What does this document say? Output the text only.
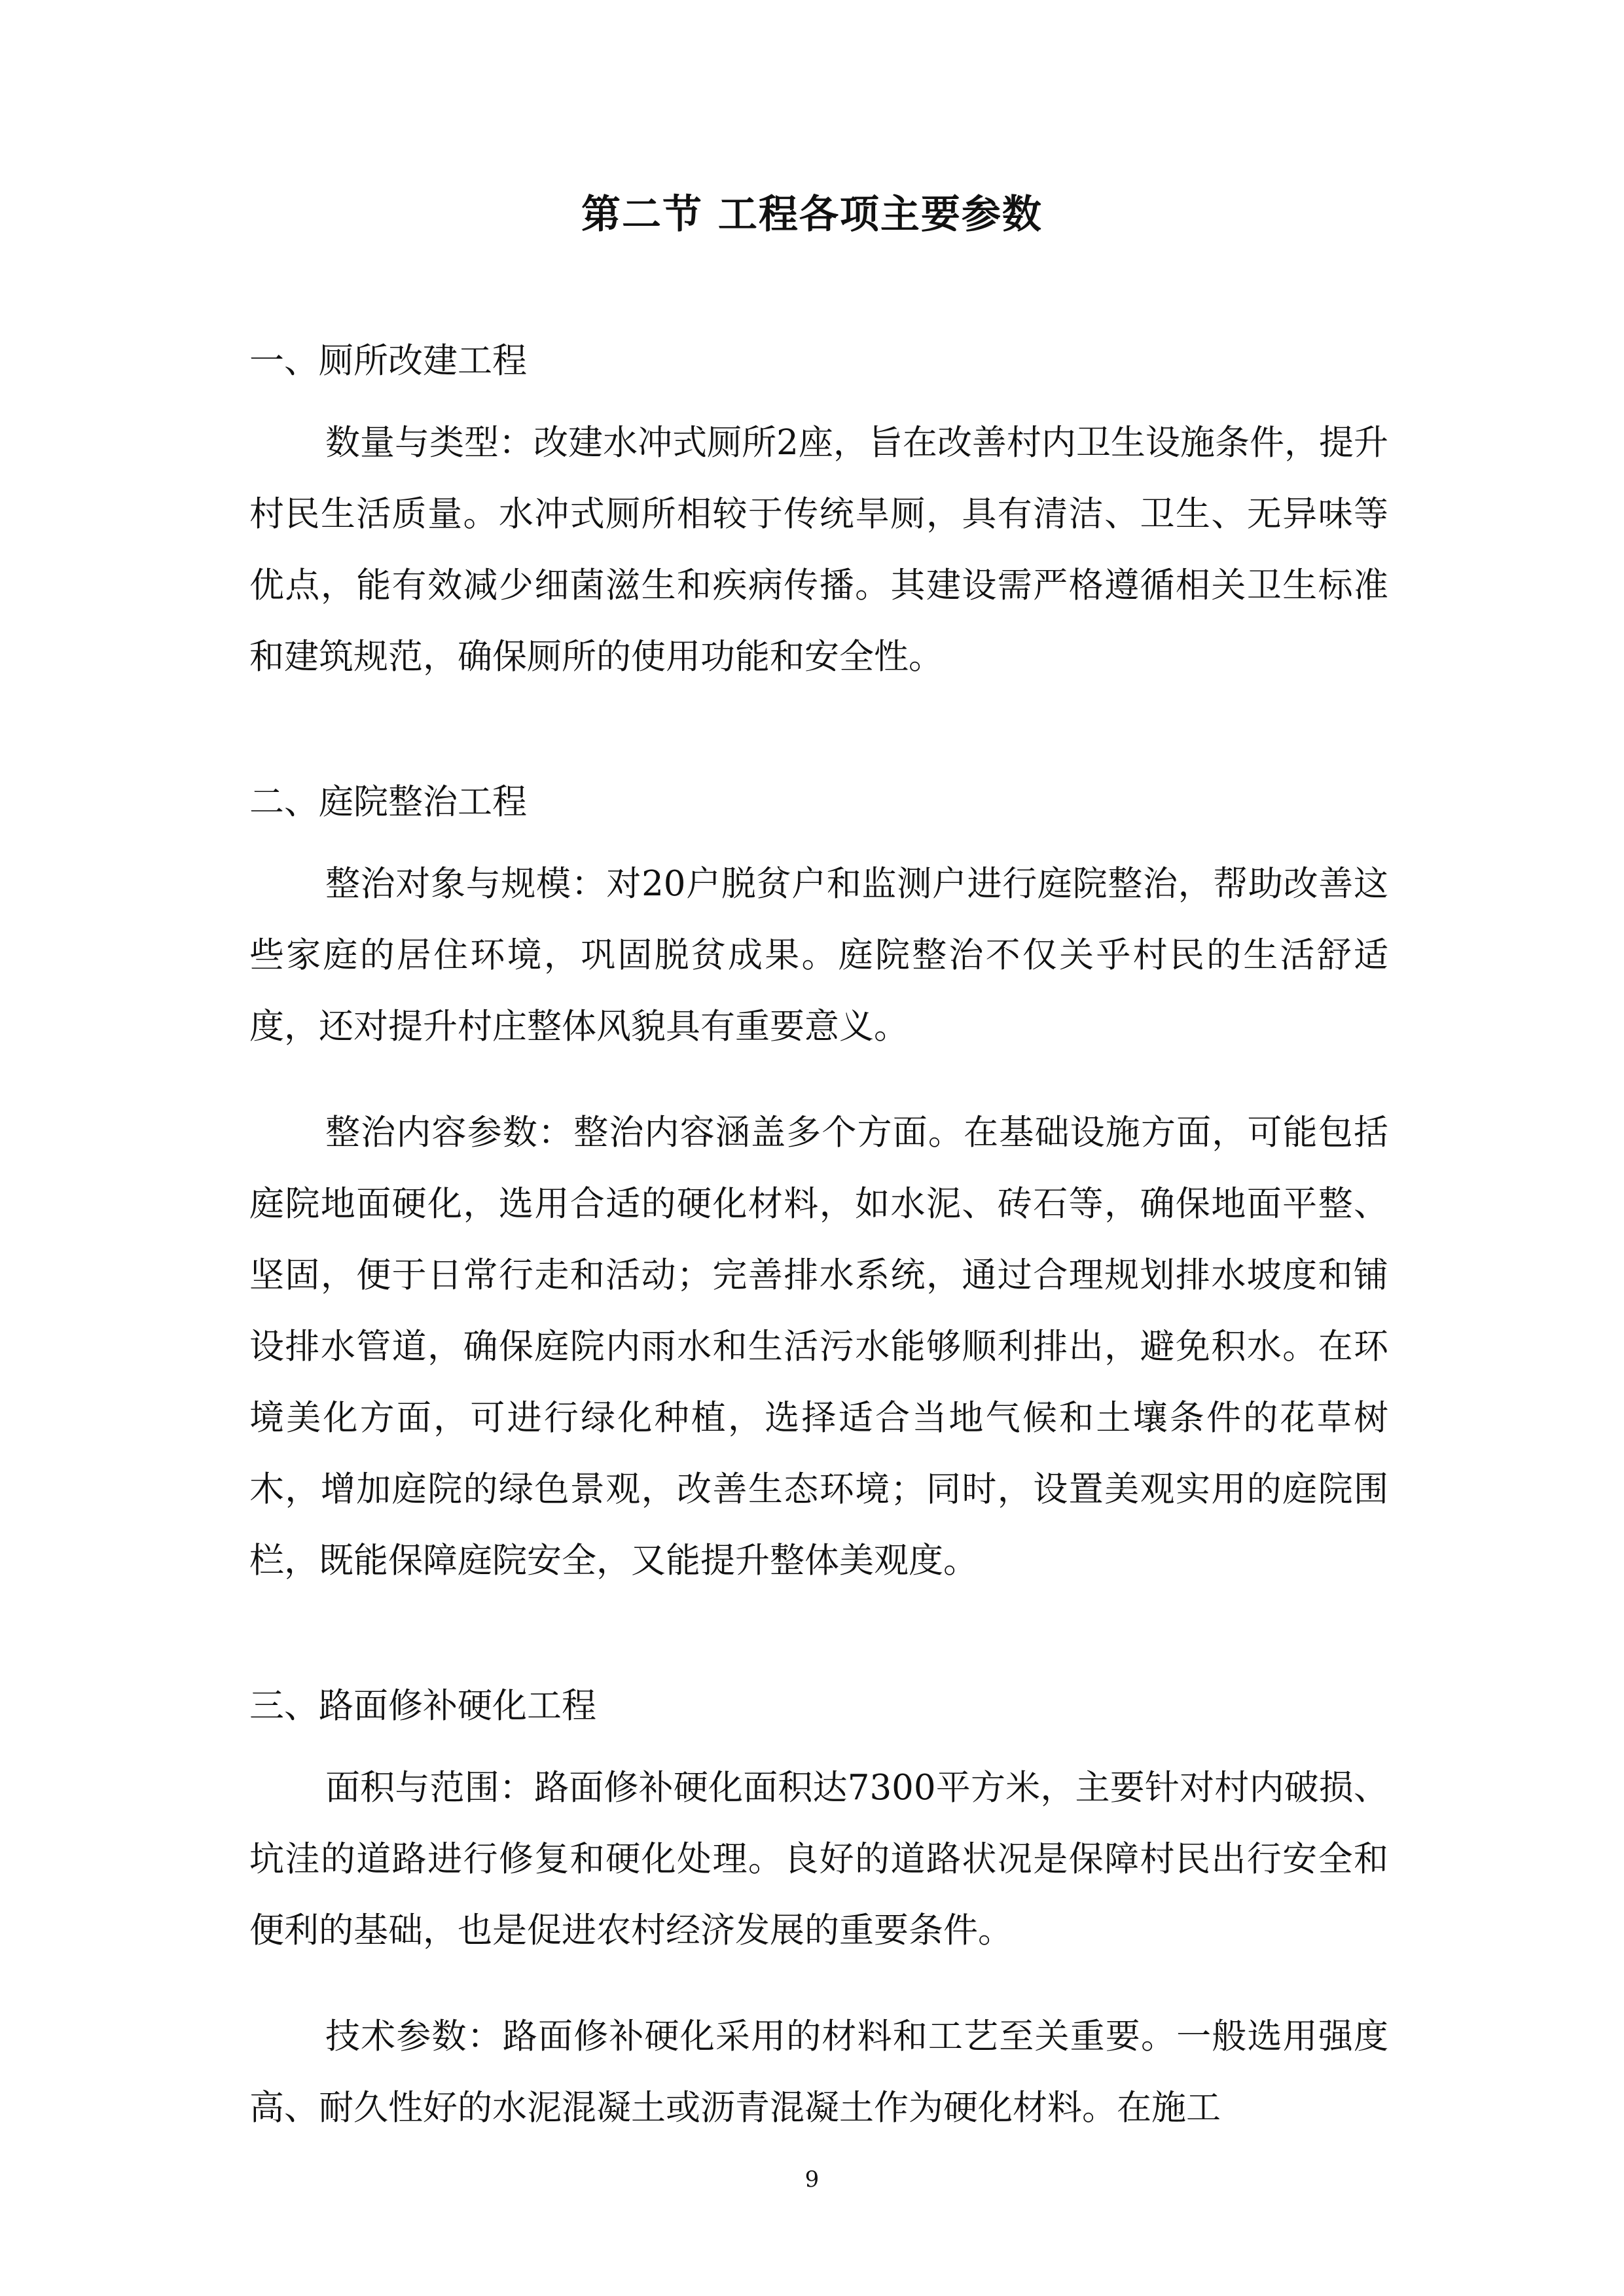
第二节 工程各项主要参数
一、厕所改建工程

数量与类型：改建水冲式厕所2座，旨在改善村内卫生设施条件，提升村民生活质量。水冲式厕所相较于传统旱厕，具有清洁、卫生、无异味等优点，能有效减少细菌滋生和疾病传播。其建设需严格遵循相关卫生标准和建筑规范，确保厕所的使用功能和安全性。

二、庭院整治工程

整治对象与规模：对20户脱贫户和监测户进行庭院整治，帮助改善这些家庭的居住环境，巩固脱贫成果。庭院整治不仅关乎村民的生活舒适度，还对提升村庄整体风貌具有重要意义。

整治内容参数：整治内容涵盖多个方面。在基础设施方面，可能包括庭院地面硬化，选用合适的硬化材料，如水泥、砖石等，确保地面平整、坚固，便于日常行走和活动；完善排水系统，通过合理规划排水坡度和铺设排水管道，确保庭院内雨水和生活污水能够顺利排出，避免积水。在环境美化方面，可进行绿化种植，选择适合当地气候和土壤条件的花草树木，增加庭院的绿色景观，改善生态环境；同时，设置美观实用的庭院围栏，既能保障庭院安全，又能提升整体美观度。

三、路面修补硬化工程

面积与范围：路面修补硬化面积达7300平方米，主要针对村内破损、坑洼的道路进行修复和硬化处理。良好的道路状况是保障村民出行安全和便利的基础，也是促进农村经济发展的重要条件。

技术参数：路面修补硬化采用的材料和工艺至关重要。一般选用强度高、耐久性好的水泥混凝土或沥青混凝土作为硬化材料。在施工

9
